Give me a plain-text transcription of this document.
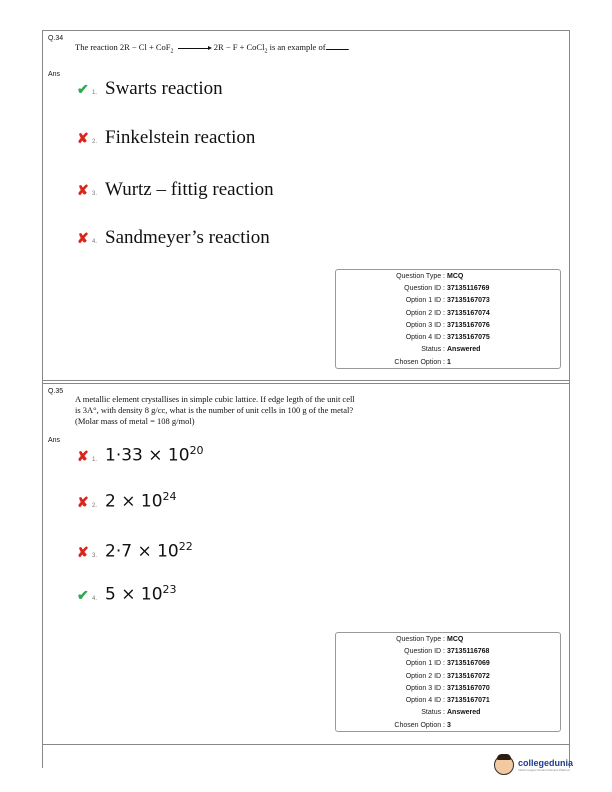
Q.34
The reaction 2R − Cl + CoF$_2$ → 2R − F + CoCl$_2$ is an example of	.
Ans
✔ 1. Swarts reaction
✘ 2. Finkelstein reaction
✘ 3. Wurtz – fittig reaction
✘ 4. Sandmeyer’s reaction
Question Type : MCQ
Question ID : 37135116769
Option 1 ID : 37135167073
Option 2 ID : 37135167074
Option 3 ID : 37135167076
Option 4 ID : 37135167075
Status : Answered
Chosen Option : 1
Q.35
A metallic element crystallises in simple cubic lattice. If edge legth of the unit cell
is 3A°, with density 8 g/cc, what is the number of unit cells in 100 g of the metal?
(Molar mass of metal = 108 g/mol)
Ans
✘ 1. $1\cdot 33 \times 10^{20}$
✘ 2. $2 \times 10^{24}$
✘ 3. $2\cdot 7 \times 10^{22}$
✔ 4. $5 \times 10^{23}$
Question Type : MCQ
Question ID : 37135116768
Option 1 ID : 37135167069
Option 2 ID : 37135167072
Option 3 ID : 37135167070
Option 4 ID : 37135167071
Status : Answered
Chosen Option : 3
collegedunia
India's largest Student Review Platform
